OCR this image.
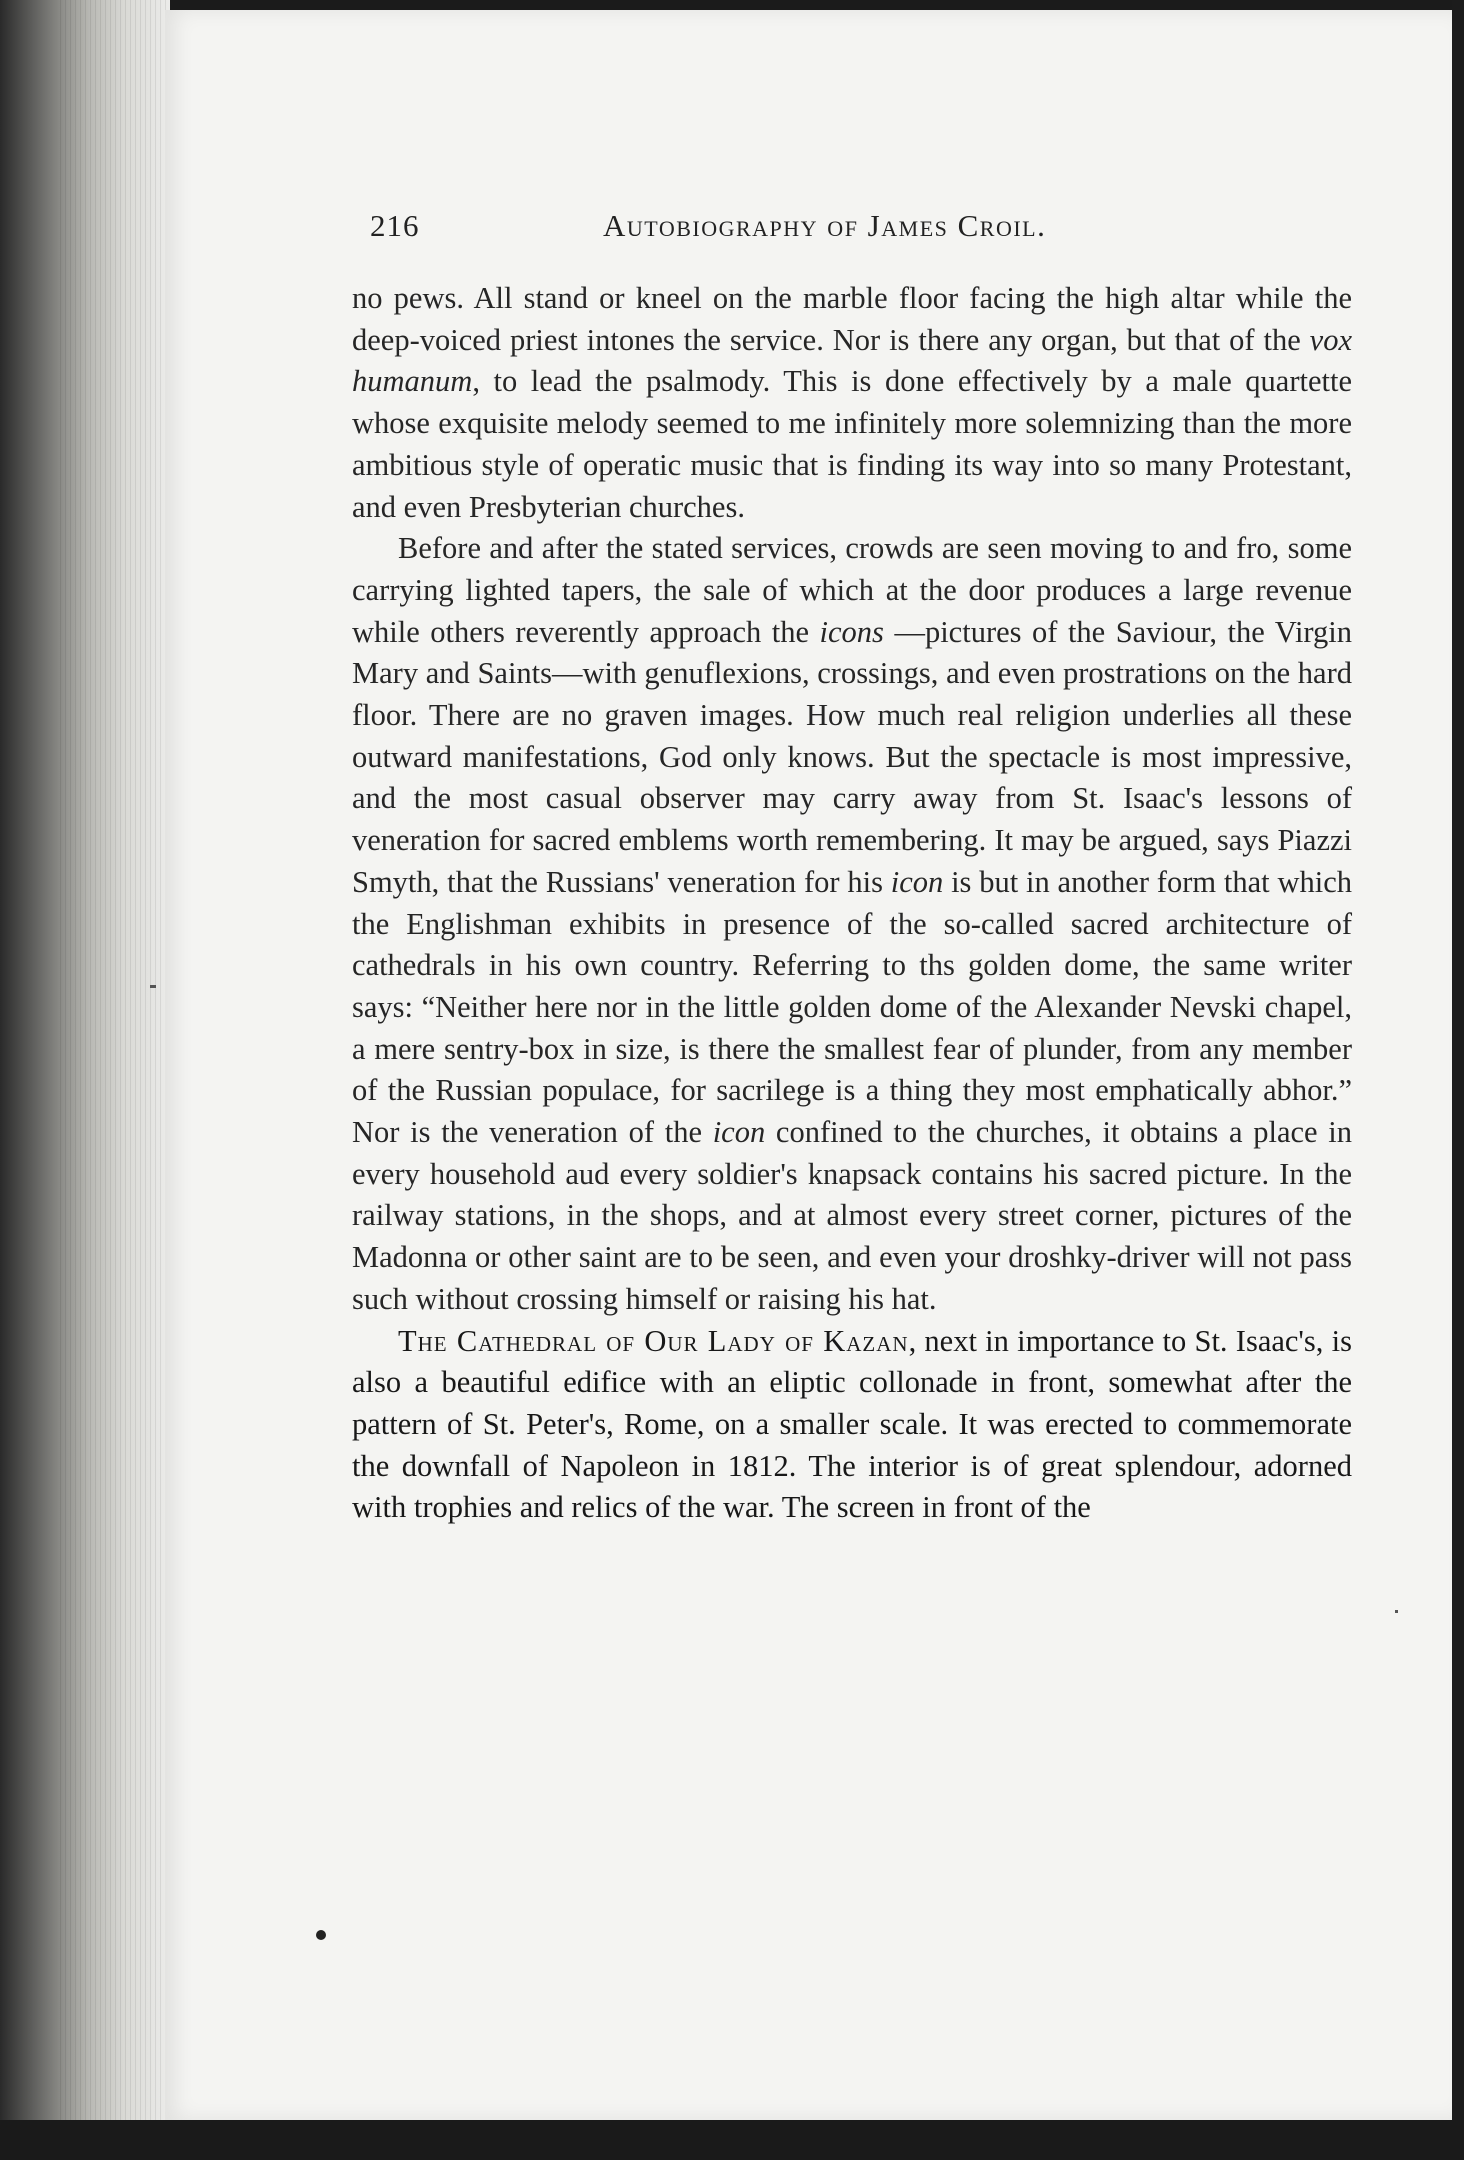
216	Autobiography of James Croil.

no pews. All stand or kneel on the marble floor facing the high altar while the deep-voiced priest intones the service. Nor is there any organ, but that of the vox humanum, to lead the psalmody. This is done effectively by a male quartette whose exquisite melody seemed to me infinitely more solemnizing than the more ambitious style of operatic music that is finding its way into so many Protestant, and even Presbyterian churches.

Before and after the stated services, crowds are seen moving to and fro, some carrying lighted tapers, the sale of which at the door produces a large revenue while others reverently approach the icons —pictures of the Saviour, the Virgin Mary and Saints—with genuflexions, crossings, and even prostrations on the hard floor. There are no graven images. How much real religion underlies all these outward manifestations, God only knows. But the spectacle is most impressive, and the most casual observer may carry away from St. Isaac's lessons of veneration for sacred emblems worth remembering. It may be argued, says Piazzi Smyth, that the Russians' veneration for his icon is but in another form that which the Englishman exhibits in presence of the so-called sacred architecture of cathedrals in his own country. Referring to ths golden dome, the same writer says: “Neither here nor in the little golden dome of the Alexander Nevski chapel, a mere sentry-box in size, is there the smallest fear of plunder, from any member of the Russian populace, for sacrilege is a thing they most emphatically abhor.” Nor is the veneration of the icon confined to the churches, it obtains a place in every household aud every soldier's knapsack contains his sacred picture. In the railway stations, in the shops, and at almost every street corner, pictures of the Madonna or other saint are to be seen, and even your droshky-driver will not pass such without crossing himself or raising his hat.

The Cathedral of Our Lady of Kazan, next in importance to St. Isaac's, is also a beautiful edifice with an eliptic collonade in front, somewhat after the pattern of St. Peter's, Rome, on a smaller scale. It was erected to commemorate the downfall of Napoleon in 1812. The interior is of great splendour, adorned with trophies and relics of the war. The screen in front of the
